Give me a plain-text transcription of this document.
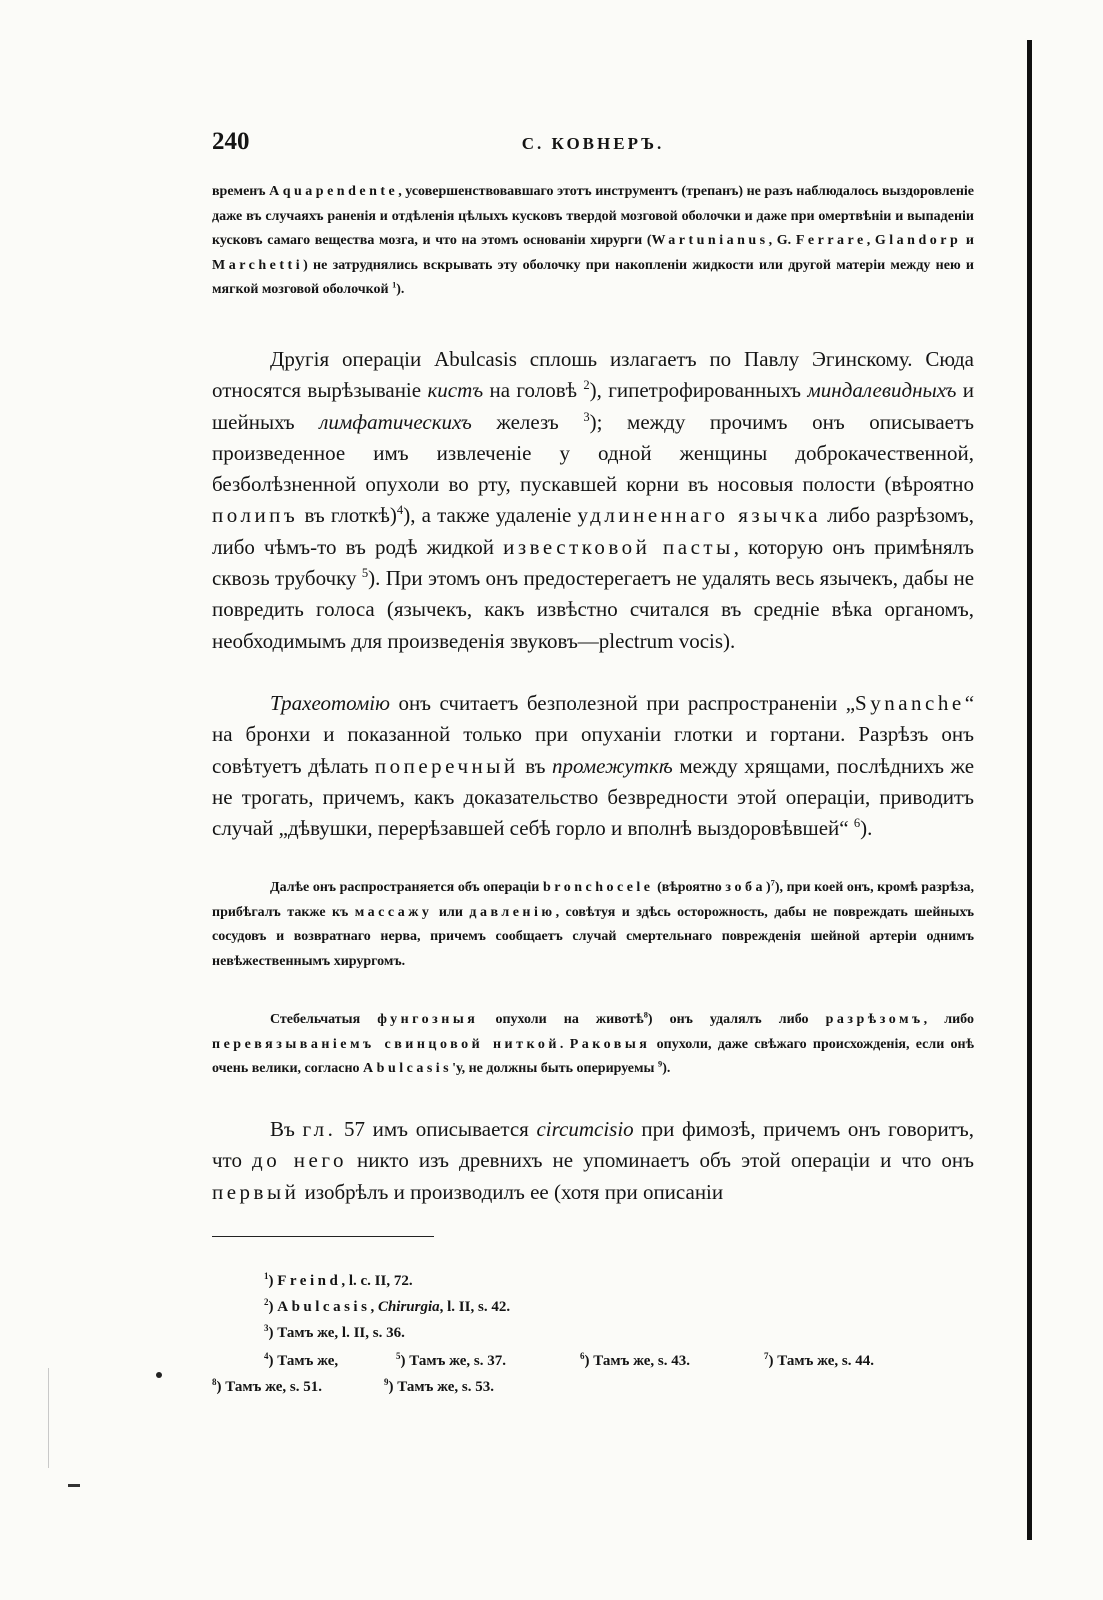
240	С. КОВНЕРЪ.

временъ Aquapendente, усовершенствовавшаго этотъ инструментъ (трепанъ) не разъ наблюдалось выздоровленіе даже въ случаяхъ раненія и отдѣленія цѣлыхъ кусковъ твердой мозговой оболочки и даже при омертвѣніи и выпаденіи кусковъ самаго вещества мозга, и что на этомъ основаніи хирурги (Wartunianus, G. Ferrare, Glandorp и Marchetti) не затруднялись вскрывать эту оболочку при накопленіи жидкости или другой матеріи между нею и мягкой мозговой оболочкой $^1$).

Другія операціи Abulcasis сплошь излагаетъ по Павлу Эгинскому. Сюда относятся вырѣзываніе кистъ на головѣ $^2$), гипетрофированныхъ миндалевидныхъ и шейныхъ лимфатическихъ железъ $^3$); между прочимъ онъ описываетъ произведенное имъ извлеченіе у одной женщины доброкачественной, безболѣзненной опухоли во рту, пускавшей корни въ носовыя полости (вѣроятно полипъ въ глоткѣ)$^4$), а также удаленіе удлиненнаго язычка либо разрѣзомъ, либо чѣмъ-то въ родѣ жидкой известковой пасты, которую онъ примѣнялъ сквозь трубочку $^5$). При этомъ онъ предостерегаетъ не удалять весь язычекъ, дабы не повредить голоса (язычекъ, какъ извѣстно считался въ средніе вѣка органомъ, необходимымъ для произведенія звуковъ—plectrum vocis).

Трахеотомію онъ считаетъ безполезной при распространеніи „Synanche“ на бронхи и показанной только при опуханіи глотки и гортани. Разрѣзъ онъ совѣтуетъ дѣлать поперечный въ промежуткѣ между хрящами, послѣднихъ же не трогать, причемъ, какъ доказательство безвредности этой операціи, приводитъ случай „дѣвушки, перерѣзавшей себѣ горло и вполнѣ выздоровѣвшей“ $^6$).

Далѣе онъ распространяется объ операціи bronchocele (вѣроятно зоба)$^7$), при коей онъ, кромѣ разрѣза, прибѣгалъ также къ массажу или давленію, совѣтуя и здѣсь осторожность, дабы не повреждать шейныхъ сосудовъ и возвратнаго нерва, причемъ сообщаетъ случай смертельнаго поврежденія шейной артеріи однимъ невѣжественнымъ хирургомъ.

Стебельчатыя фунгозныя опухоли на животѣ$^8$) онъ удалялъ либо разрѣзомъ, либо перевязываніемъ свинцовой ниткой. Раковыя опухоли, даже свѣжаго происхожденія, если онѣ очень велики, согласно Abulcasis'у, не должны быть оперируемы $^9$).

Въ гл. 57 имъ описывается circumcisio при фимозѣ, причемъ онъ говоритъ, что до него никто изъ древнихъ не упоминаетъ объ этой операціи и что онъ первый изобрѣлъ и производилъ ее (хотя при описаніи

$^1$) Freind, l. c. II, 72.
$^2$) Abulcasis, Chirurgia, l. II, s. 42.
$^3$) Тамъ же, l. II, s. 36.
$^4$) Тамъ же,	$^5$) Тамъ же, s. 37.	$^6$) Тамъ же, s. 43.	$^7$) Тамъ же, s. 44.
$^8$) Тамъ же, s. 51.	$^9$) Тамъ же, s. 53.
